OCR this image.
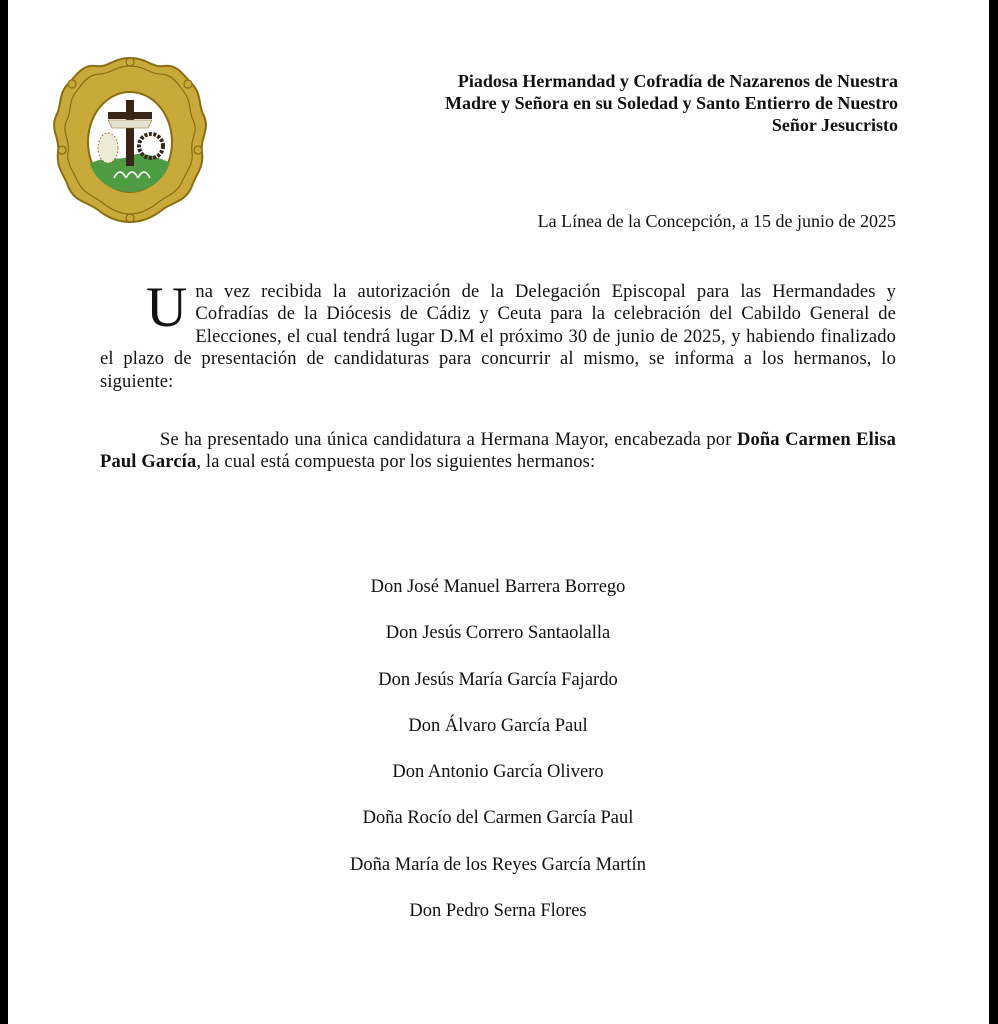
Piadosa Hermandad y Cofradía de Nazarenos de Nuestra
Madre y Señora en su Soledad y Santo Entierro de Nuestro
Señor Jesucristo
La Línea de la Concepción, a 15 de junio de 2025

Una vez recibida la autorización de la Delegación Episcopal para las Hermandades y Cofradías de la Diócesis de Cádiz y Ceuta para la celebración del Cabildo General de Elecciones, el cual tendrá lugar D.M el próximo 30 de junio de 2025, y habiendo finalizado el plazo de presentación de candidaturas para concurrir al mismo, se informa a los hermanos, lo siguiente:

Se ha presentado una única candidatura a Hermana Mayor, encabezada por Doña Carmen Elisa Paul García, la cual está compuesta por los siguientes hermanos:

Don José Manuel Barrera Borrego
Don Jesús Correro Santaolalla
Don Jesús María García Fajardo
Don Álvaro García Paul
Don Antonio García Olivero
Doña Rocío del Carmen García Paul
Doña María de los Reyes García Martín
Don Pedro Serna Flores
